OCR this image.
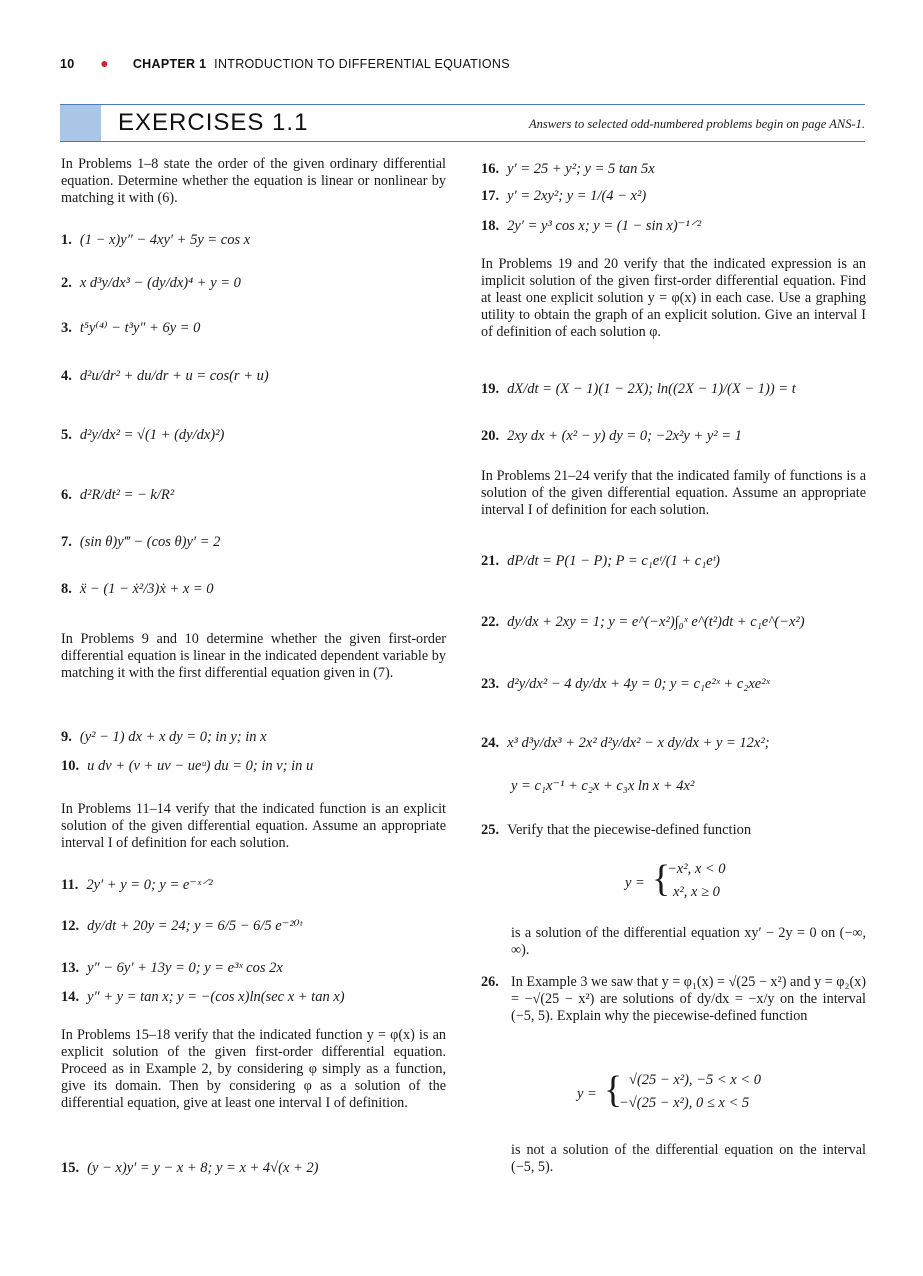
10 ● CHAPTER 1 INTRODUCTION TO DIFFERENTIAL EQUATIONS
EXERCISES 1.1	Answers to selected odd-numbered problems begin on page ANS-1.

In Problems 1–8 state the order of the given ordinary differential equation. Determine whether the equation is linear or nonlinear by matching it with (6).

1. (1 − x)y″ − 4xy′ + 5y = cos x
2. x d³y/dx³ − (dy/dx)⁴ + y = 0
3. t⁵y⁽⁴⁾ − t³y″ + 6y = 0
4. d²u/dr² + du/dr + u = cos(r + u)
5. d²y/dx² = √(1 + (dy/dx)²)
6. d²R/dt² = − k/R²
7. (sin θ)y‴ − (cos θ)y′ = 2
8. ẍ − (1 − ẋ²/3)ẋ + x = 0

In Problems 9 and 10 determine whether the given first-order differential equation is linear in the indicated dependent variable by matching it with the first differential equation given in (7).

9. (y² − 1) dx + x dy = 0; in y; in x
10. u dv + (v + uv − ueᵘ) du = 0; in v; in u

In Problems 11–14 verify that the indicated function is an explicit solution of the given differential equation. Assume an appropriate interval I of definition for each solution.

11. 2y′ + y = 0; y = e⁻ˣ⸍²
12. dy/dt + 20y = 24; y = 6/5 − 6/5 e⁻²⁰ᵗ
13. y″ − 6y′ + 13y = 0; y = e³ˣ cos 2x
14. y″ + y = tan x; y = −(cos x)ln(sec x + tan x)

In Problems 15–18 verify that the indicated function y = φ(x) is an explicit solution of the given first-order differential equation. Proceed as in Example 2, by considering φ simply as a function, give its domain. Then by considering φ as a solution of the differential equation, give at least one interval I of definition.

15. (y − x)y′ = y − x + 8; y = x + 4√(x + 2)
16. y′ = 25 + y²; y = 5 tan 5x
17. y′ = 2xy²; y = 1/(4 − x²)
18. 2y′ = y³ cos x; y = (1 − sin x)⁻¹⸍²

In Problems 19 and 20 verify that the indicated expression is an implicit solution of the given first-order differential equation. Find at least one explicit solution y = φ(x) in each case. Use a graphing utility to obtain the graph of an explicit solution. Give an interval I of definition of each solution φ.

19. dX/dt = (X − 1)(1 − 2X); ln((2X − 1)/(X − 1)) = t
20. 2xy dx + (x² − y) dy = 0; −2x²y + y² = 1

In Problems 21–24 verify that the indicated family of functions is a solution of the given differential equation. Assume an appropriate interval I of definition for each solution.

21. dP/dt = P(1 − P); P = c₁eᵗ/(1 + c₁eᵗ)
22. dy/dx + 2xy = 1; y = e^(−x²)∫₀ˣ e^(t²)dt + c₁e^(−x²)
23. d²y/dx² − 4 dy/dx + 4y = 0; y = c₁e²ˣ + c₂xe²ˣ
24. x³ d³y/dx³ + 2x² d²y/dx² − x dy/dx + y = 12x²;
y = c₁x⁻¹ + c₂x + c₃x ln x + 4x²
25. Verify that the piecewise-defined function
y = {
−x², x < 0
x², x ≥ 0

is a solution of the differential equation xy′ − 2y = 0 on (−∞, ∞).

26. In Example 3 we saw that y = φ₁(x) = √(25 − x²) and y = φ₂(x) = −√(25 − x²) are solutions of dy/dx = −x/y on the interval (−5, 5). Explain why the piecewise-defined function

y = { √(25 − x²), −5 < x < 0
−√(25 − x²), 0 ≤ x < 5

is not a solution of the differential equation on the interval (−5, 5).
